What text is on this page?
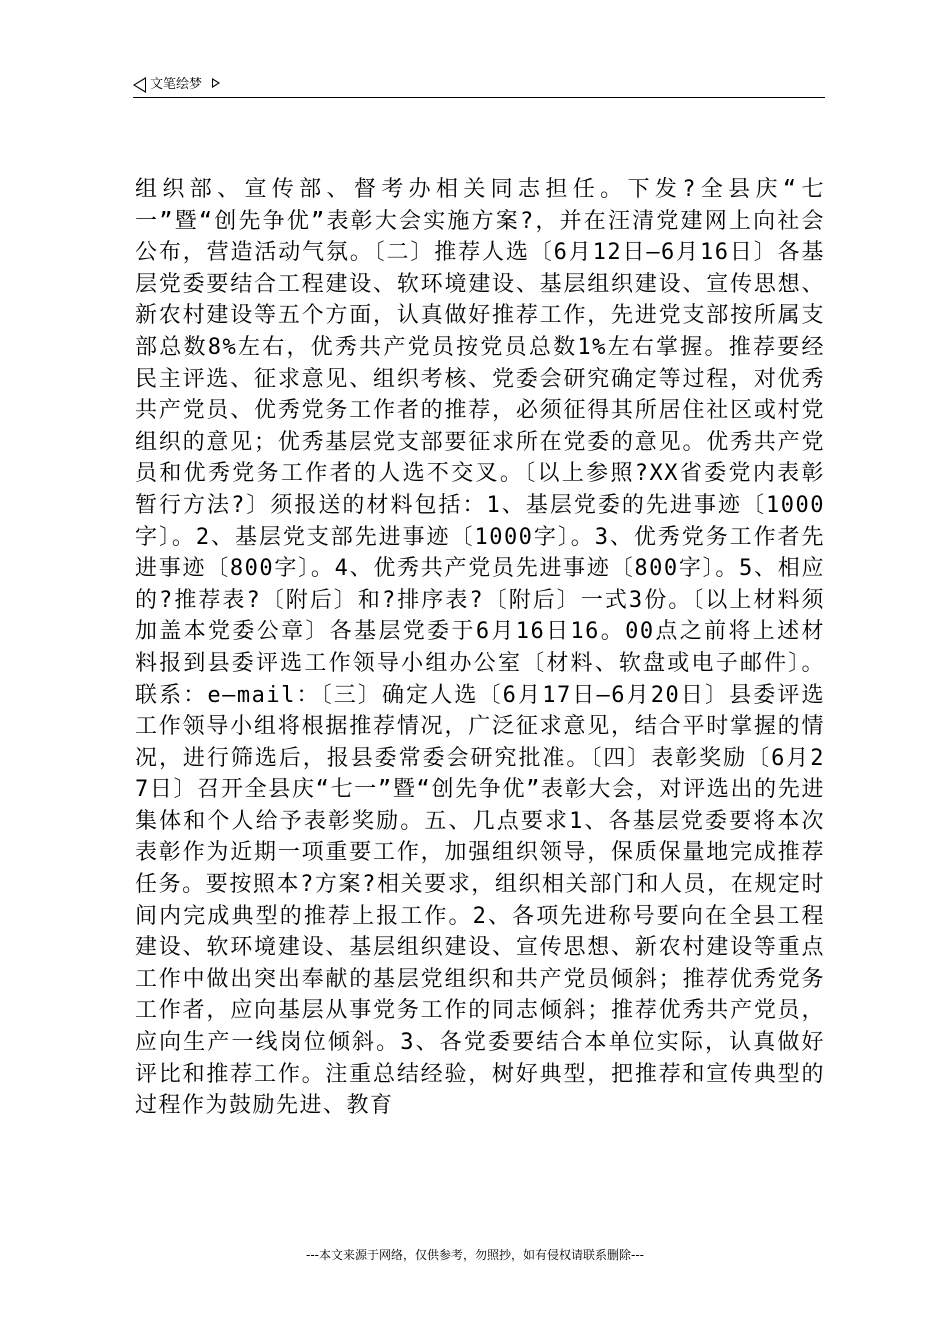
文笔绘梦

组织部、宣传部、督考办相关同志担任。下发?全县庆“七一”暨“创先争优”表彰大会实施方案?，并在汪清党建网上向社会公布，营造活动气氛。〔二〕推荐人选〔6月12日—6月16日〕各基层党委要结合工程建设、软环境建设、基层组织建设、宣传思想、新农村建设等五个方面，认真做好推荐工作，先进党支部按所属支部总数8%左右，优秀共产党员按党员总数1%左右掌握。推荐要经民主评选、征求意见、组织考核、党委会研究确定等过程，对优秀共产党员、优秀党务工作者的推荐，必须征得其所居住社区或村党组织的意见；优秀基层党支部要征求所在党委的意见。优秀共产党员和优秀党务工作者的人选不交叉。〔以上参照?XX省委党内表彰暂行方法?〕须报送的材料包括：1、基层党委的先进事迹〔1000字〕。2、基层党支部先进事迹〔1000字〕。3、优秀党务工作者先进事迹〔800字〕。4、优秀共产党员先进事迹〔800字〕。5、相应的?推荐表?〔附后〕和?排序表?〔附后〕一式3份。〔以上材料须加盖本党委公章〕各基层党委于6月16日16。00点之前将上述材料报到县委评选工作领导小组办公室〔材料、软盘或电子邮件〕。联系：e—mail：〔三〕确定人选〔6月17日—6月20日〕县委评选工作领导小组将根据推荐情况，广泛征求意见，结合平时掌握的情况，进行筛选后，报县委常委会研究批准。〔四〕表彰奖励〔6月27日〕召开全县庆“七一”暨“创先争优”表彰大会，对评选出的先进集体和个人给予表彰奖励。五、几点要求1、各基层党委要将本次表彰作为近期一项重要工作，加强组织领导，保质保量地完成推荐任务。要按照本?方案?相关要求，组织相关部门和人员，在规定时间内完成典型的推荐上报工作。2、各项先进称号要向在全县工程建设、软环境建设、基层组织建设、宣传思想、新农村建设等重点工作中做出突出奉献的基层党组织和共产党员倾斜；推荐优秀党务工作者，应向基层从事党务工作的同志倾斜；推荐优秀共产党员，应向生产一线岗位倾斜。3、各党委要结合本单位实际，认真做好评比和推荐工作。注重总结经验，树好典型，把推荐和宣传典型的过程作为鼓励先进、教育

---本文来源于网络，仅供参考，勿照抄，如有侵权请联系删除---
